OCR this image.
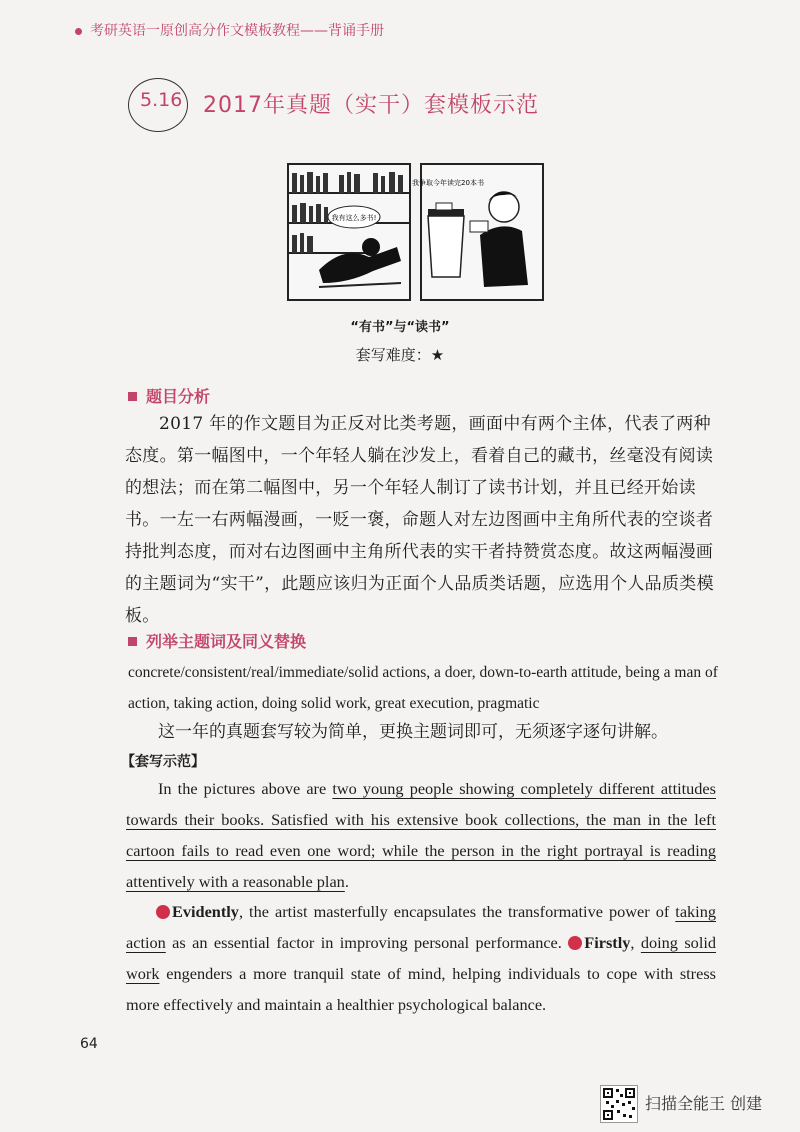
考研英语一原创高分作文模板教程——背诵手册
5.16 2017年真题（实干）套模板示范
我有这么多书!
我争取今年读完20本书
“有书”与“读书”
套写难度：★
题目分析

2017 年的作文题目为正反对比类考题，画面中有两个主体，代表了两种态度。第一幅图中，一个年轻人躺在沙发上，看着自己的藏书，丝毫没有阅读的想法；而在第二幅图中，另一个年轻人制订了读书计划，并且已经开始读书。一左一右两幅漫画，一贬一褒，命题人对左边图画中主角所代表的空谈者持批判态度，而对右边图画中主角所代表的实干者持赞赏态度。故这两幅漫画的主题词为“实干”，此题应该归为正面个人品质类话题，应选用个人品质类模板。

列举主题词及同义替换

concrete/consistent/real/immediate/solid actions, a doer, down-to-earth attitude, being a man of action, taking action, doing solid work, great execution, pragmatic

这一年的真题套写较为简单，更换主题词即可，无须逐字逐句讲解。
【套写示范】

In the pictures above are two young people showing completely different attitudes towards their books. Satisfied with his extensive book collections, the man in the left cartoon fails to read even one word; while the person in the right portrayal is reading attentively with a reasonable plan.

Evidently, the artist masterfully encapsulates the transformative power of taking action as an essential factor in improving personal performance. Firstly, doing solid work engenders a more tranquil state of mind, helping individuals to cope with stress more effectively and maintain a healthier psychological balance.

64
扫描全能王 创建
